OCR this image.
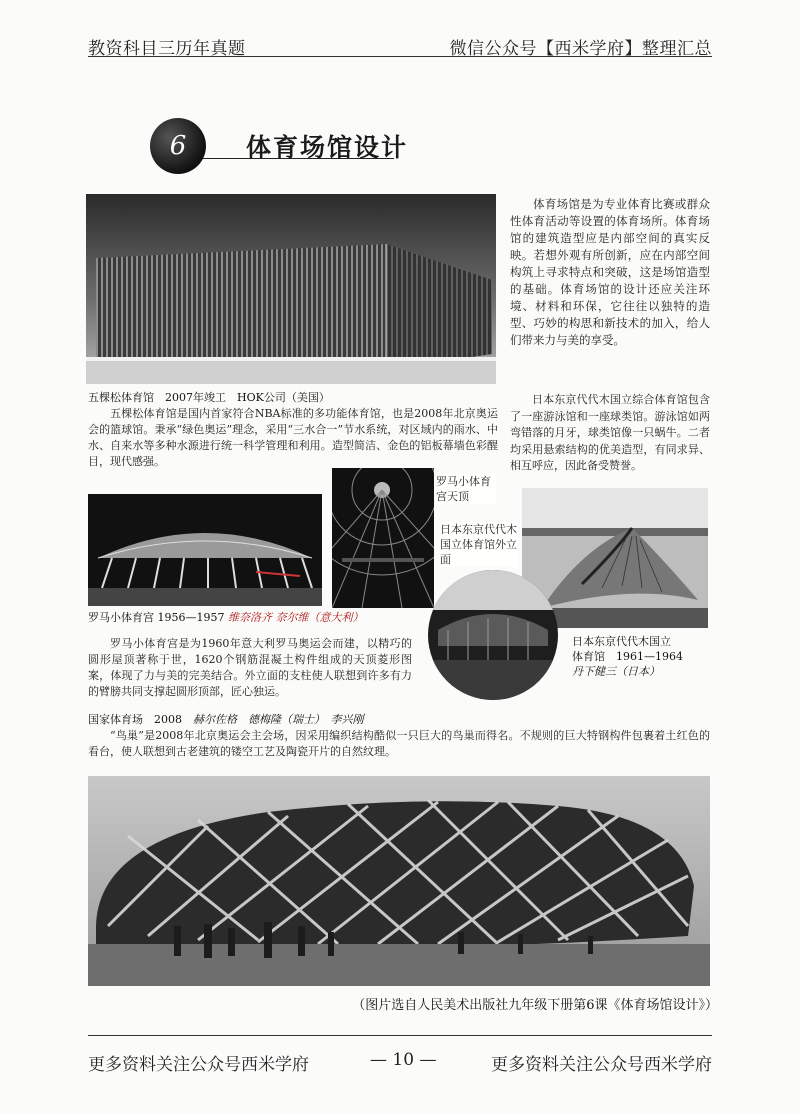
教资科目三历年真题	微信公众号【西米学府】整理汇总
6	体育场馆设计

体育场馆是为专业体育比赛或群众性体育活动等设置的体育场所。体育场馆的建筑造型应是内部空间的真实反映。若想外观有所创新，应在内部空间构筑上寻求特点和突破，这是场馆造型的基础。体育场馆的设计还应关注环境、材料和环保，它往往以独特的造型、巧妙的构思和新技术的加入，给人们带来力与美的享受。

五棵松体育馆　2007年竣工　HOK公司（美国）

五棵松体育馆是国内首家符合NBA标准的多功能体育馆，也是2008年北京奥运会的篮球馆。秉承“绿色奥运”理念，采用“三水合一”节水系统，对区域内的雨水、中水、自来水等多种水源进行统一科学管理和利用。造型简洁、金色的铝板幕墙色彩醒目，现代感强。

日本东京代代木国立综合体育馆包含了一座游泳馆和一座球类馆。游泳馆如两弯错落的月牙，球类馆像一只蜗牛。二者均采用悬索结构的优美造型，有同求异、相互呼应，因此备受赞誉。

罗马小体育宫天顶
日本东京代代木国立体育馆外立面
罗马小体育宫 1956—1957 维奈洛齐 奈尔维（意大利）

罗马小体育宫是为1960年意大利罗马奥运会而建，以精巧的圆形屋顶著称于世，1620个钢筋混凝土构件组成的天顶菱形图案，体现了力与美的完美结合。外立面的支柱使人联想到许多有力的臂膀共同支撑起圆形顶部，匠心独运。

日本东京代代木国立
体育馆　1961—1964
丹下健三（日本）
国家体育场　2008　赫尔佐格　德梅隆（瑞士）　李兴刚

“鸟巢”是2008年北京奥运会主会场，因采用编织结构酷似一只巨大的鸟巢而得名。不规则的巨大特钢构件包裹着土红色的看台，使人联想到古老建筑的镂空工艺及陶瓷开片的自然纹理。

（图片选自人民美术出版社九年级下册第6课《体育场馆设计》）
更多资料关注公众号西米学府	— 10 —	更多资料关注公众号西米学府
